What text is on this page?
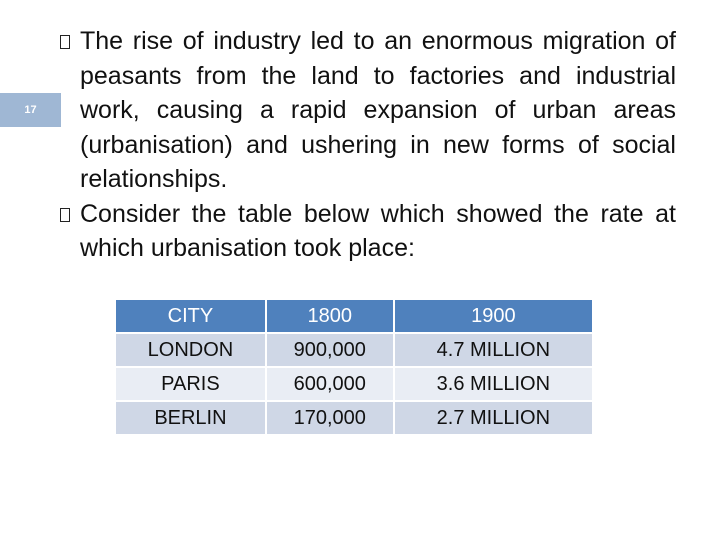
17
The rise of industry led to an enormous migration of peasants from the land to factories and industrial work, causing a rapid expansion of urban areas (urbanisation) and ushering in new forms of social relationships.
Consider the table below which showed the rate at which urbanisation took place:
CITY	1800	1900
LONDON	900,000	4.7 MILLION
PARIS	600,000	3.6 MILLION
BERLIN	170,000	2.7 MILLION
